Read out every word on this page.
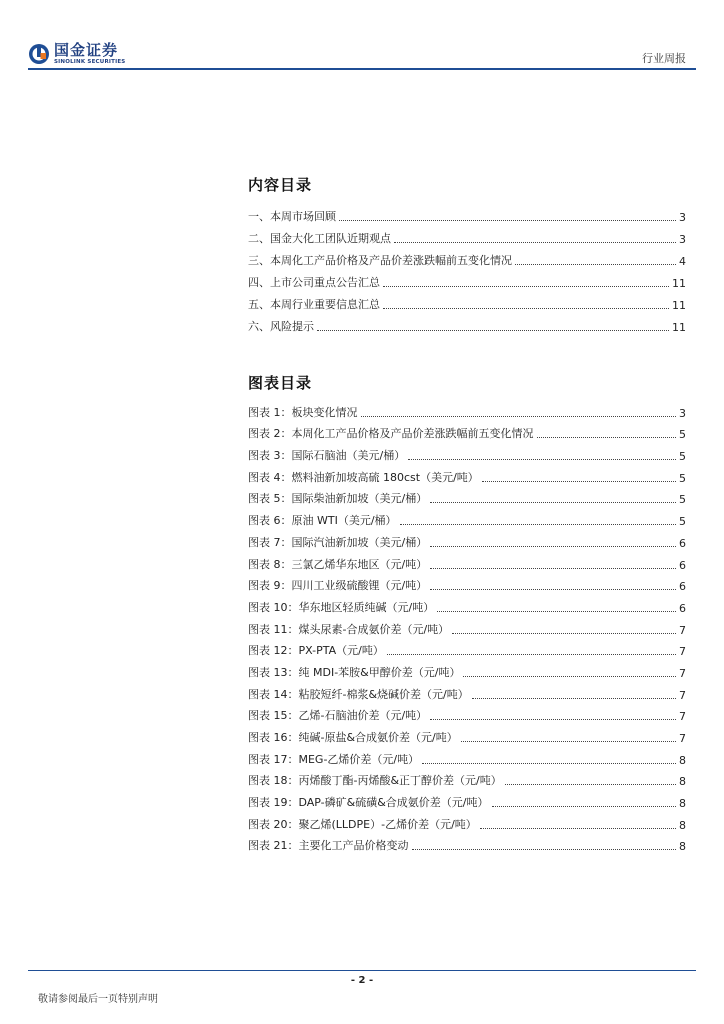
国金证券
SINOLINK SECURITIES	行业周报
内容目录
一、本周市场回顾	3
二、国金大化工团队近期观点	3
三、本周化工产品价格及产品价差涨跌幅前五变化情况	4
四、上市公司重点公告汇总	11
五、本周行业重要信息汇总	11
六、风险提示	11
图表目录
图表 1：板块变化情况	3
图表 2：本周化工产品价格及产品价差涨跌幅前五变化情况	5
图表 3：国际石脑油（美元/桶）	5
图表 4：燃料油新加坡高硫 180cst（美元/吨）	5
图表 5：国际柴油新加坡（美元/桶）	5
图表 6：原油 WTI（美元/桶）	5
图表 7：国际汽油新加坡（美元/桶）	6
图表 8：三氯乙烯华东地区（元/吨）	6
图表 9：四川工业级硫酸锂（元/吨）	6
图表 10：华东地区轻质纯碱（元/吨）	6
图表 11：煤头尿素-合成氨价差（元/吨）	7
图表 12：PX-PTA（元/吨）	7
图表 13：纯 MDI-苯胺&甲醇价差（元/吨）	7
图表 14：粘胶短纤-棉浆&烧碱价差（元/吨）	7
图表 15：乙烯-石脑油价差（元/吨）	7
图表 16：纯碱-原盐&合成氨价差（元/吨）	7
图表 17：MEG-乙烯价差（元/吨）	8
图表 18：丙烯酸丁酯-丙烯酸&正丁醇价差（元/吨）	8
图表 19：DAP-磷矿&硫磺&合成氨价差（元/吨）	8
图表 20：聚乙烯(LLDPE）-乙烯价差（元/吨）	8
图表 21：主要化工产品价格变动	8
- 2 -
敬请参阅最后一页特别声明
